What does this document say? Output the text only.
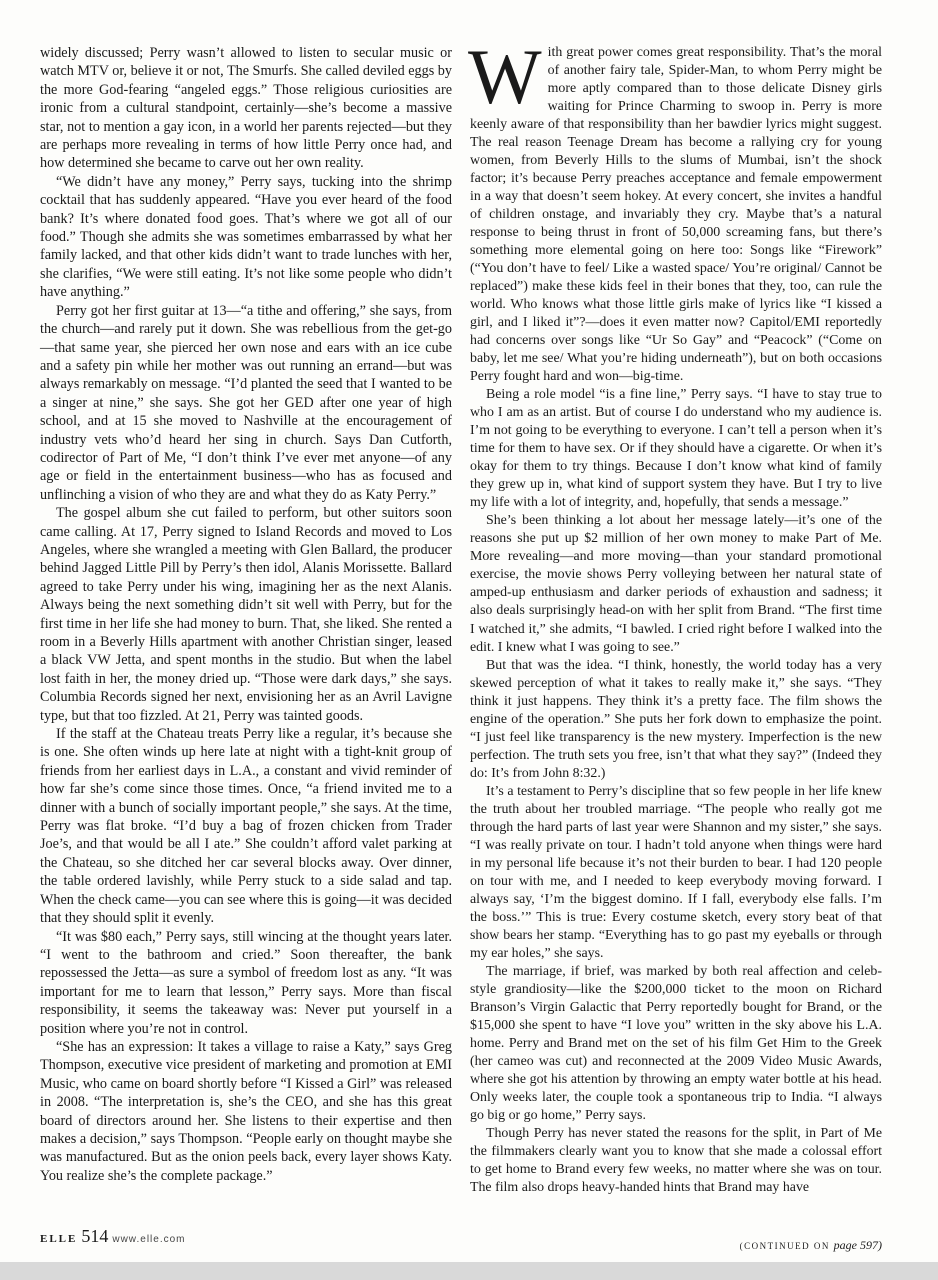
widely discussed; Perry wasn’t allowed to listen to secular music or watch MTV or, believe it or not, The Smurfs. She called deviled eggs by the more God-fearing “angeled eggs.” Those religious curiosities are ironic from a cultural standpoint, certainly—she’s become a massive star, not to mention a gay icon, in a world her parents rejected—but they are perhaps more revealing in terms of how little Perry once had, and how determined she became to carve out her own reality.

“We didn’t have any money,” Perry says, tucking into the shrimp cocktail that has suddenly appeared. “Have you ever heard of the food bank? It’s where donated food goes. That’s where we got all of our food.” Though she admits she was sometimes embarrassed by what her family lacked, and that other kids didn’t want to trade lunches with her, she clarifies, “We were still eating. It’s not like some people who didn’t have anything.”

Perry got her first guitar at 13—“a tithe and offering,” she says, from the church—and rarely put it down. She was rebellious from the get-go—that same year, she pierced her own nose and ears with an ice cube and a safety pin while her mother was out running an errand—but was always remarkably on message. “I’d planted the seed that I wanted to be a singer at nine,” she says. She got her GED after one year of high school, and at 15 she moved to Nashville at the encouragement of industry vets who’d heard her sing in church. Says Dan Cutforth, codirector of Part of Me, “I don’t think I’ve ever met anyone—of any age or field in the entertainment business—who has as focused and unflinching a vision of who they are and what they do as Katy Perry.”

The gospel album she cut failed to perform, but other suitors soon came calling. At 17, Perry signed to Island Records and moved to Los Angeles, where she wrangled a meeting with Glen Ballard, the producer behind Jagged Little Pill by Perry’s then idol, Alanis Morissette. Ballard agreed to take Perry under his wing, imagining her as the next Alanis. Always being the next something didn’t sit well with Perry, but for the first time in her life she had money to burn. That, she liked. She rented a room in a Beverly Hills apartment with another Christian singer, leased a black VW Jetta, and spent months in the studio. But when the label lost faith in her, the money dried up. “Those were dark days,” she says. Columbia Records signed her next, envisioning her as an Avril Lavigne type, but that too fizzled. At 21, Perry was tainted goods.

If the staff at the Chateau treats Perry like a regular, it’s because she is one. She often winds up here late at night with a tight-knit group of friends from her earliest days in L.A., a constant and vivid reminder of how far she’s come since those times. Once, “a friend invited me to a dinner with a bunch of socially important people,” she says. At the time, Perry was flat broke. “I’d buy a bag of frozen chicken from Trader Joe’s, and that would be all I ate.” She couldn’t afford valet parking at the Chateau, so she ditched her car several blocks away. Over dinner, the table ordered lavishly, while Perry stuck to a side salad and tap. When the check came—you can see where this is going—it was decided that they should split it evenly.

“It was $80 each,” Perry says, still wincing at the thought years later. “I went to the bathroom and cried.” Soon thereafter, the bank repossessed the Jetta—as sure a symbol of freedom lost as any. “It was important for me to learn that lesson,” Perry says. More than fiscal responsibility, it seems the takeaway was: Never put yourself in a position where you’re not in control.

“She has an expression: It takes a village to raise a Katy,” says Greg Thompson, executive vice president of marketing and promotion at EMI Music, who came on board shortly before “I Kissed a Girl” was released in 2008. “The interpretation is, she’s the CEO, and she has this great board of directors around her. She listens to their expertise and then makes a decision,” says Thompson. “People early on thought maybe she was manufactured. But as the onion peels back, every layer shows Katy. You realize she’s the complete package.”

With great power comes great responsibility. That’s the moral of another fairy tale, Spider-Man, to whom Perry might be more aptly compared than to those delicate Disney girls waiting for Prince Charming to swoop in. Perry is more keenly aware of that responsibility than her bawdier lyrics might suggest. The real reason Teenage Dream has become a rallying cry for young women, from Beverly Hills to the slums of Mumbai, isn’t the shock factor; it’s because Perry preaches acceptance and female empowerment in a way that doesn’t seem hokey. At every concert, she invites a handful of children onstage, and invariably they cry. Maybe that’s a natural response to being thrust in front of 50,000 screaming fans, but there’s something more elemental going on here too: Songs like “Firework” (“You don’t have to feel/ Like a wasted space/ You’re original/ Cannot be replaced”) make these kids feel in their bones that they, too, can rule the world. Who knows what those little girls make of lyrics like “I kissed a girl, and I liked it”?—does it even matter now? Capitol/EMI reportedly had concerns over songs like “Ur So Gay” and “Peacock” (“Come on baby, let me see/ What you’re hiding underneath”), but on both occasions Perry fought hard and won—big-time.

Being a role model “is a fine line,” Perry says. “I have to stay true to who I am as an artist. But of course I do understand who my audience is. I’m not going to be everything to everyone. I can’t tell a person when it’s time for them to have sex. Or if they should have a cigarette. Or when it’s okay for them to try things. Because I don’t know what kind of family they grew up in, what kind of support system they have. But I try to live my life with a lot of integrity, and, hopefully, that sends a message.”

She’s been thinking a lot about her message lately—it’s one of the reasons she put up $2 million of her own money to make Part of Me. More revealing—and more moving—than your standard promotional exercise, the movie shows Perry volleying between her natural state of amped-up enthusiasm and darker periods of exhaustion and sadness; it also deals surprisingly head-on with her split from Brand. “The first time I watched it,” she admits, “I bawled. I cried right before I walked into the edit. I knew what I was going to see.”

But that was the idea. “I think, honestly, the world today has a very skewed perception of what it takes to really make it,” she says. “They think it just happens. They think it’s a pretty face. The film shows the engine of the operation.” She puts her fork down to emphasize the point. “I just feel like transparency is the new mystery. Imperfection is the new perfection. The truth sets you free, isn’t that what they say?” (Indeed they do: It’s from John 8:32.)

It’s a testament to Perry’s discipline that so few people in her life knew the truth about her troubled marriage. “The people who really got me through the hard parts of last year were Shannon and my sister,” she says. “I was really private on tour. I hadn’t told anyone when things were hard in my personal life because it’s not their burden to bear. I had 120 people on tour with me, and I needed to keep everybody moving forward. I always say, ‘I’m the biggest domino. If I fall, everybody else falls. I’m the boss.’” This is true: Every costume sketch, every story beat of that show bears her stamp. “Everything has to go past my eyeballs or through my ear holes,” she says.

The marriage, if brief, was marked by both real affection and celeb-style grandiosity—like the $200,000 ticket to the moon on Richard Branson’s Virgin Galactic that Perry reportedly bought for Brand, or the $15,000 she spent to have “I love you” written in the sky above his L.A. home. Perry and Brand met on the set of his film Get Him to the Greek (her cameo was cut) and reconnected at the 2009 Video Music Awards, where she got his attention by throwing an empty water bottle at his head. Only weeks later, the couple took a spontaneous trip to India. “I always go big or go home,” Perry says.

Though Perry has never stated the reasons for the split, in Part of Me the filmmakers clearly want you to know that she made a colossal effort to get home to Brand every few weeks, no matter where she was on tour. The film also drops heavy-handed hints that Brand may have

ELLE 514 www.elle.com
(CONTINUED ON page 597)
